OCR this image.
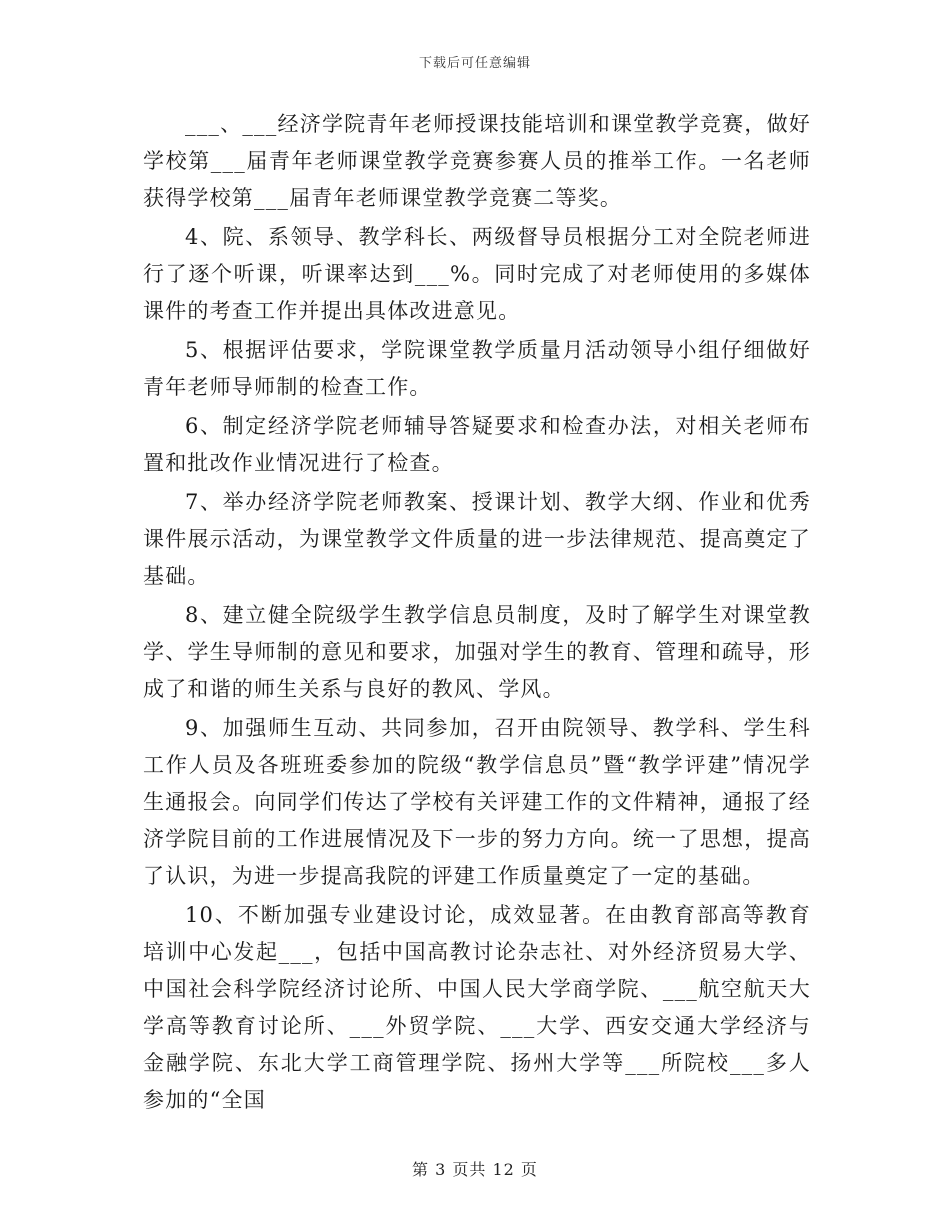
下载后可任意编辑

___、___经济学院青年老师授课技能培训和课堂教学竞赛，做好学校第___届青年老师课堂教学竞赛参赛人员的推举工作。一名老师获得学校第___届青年老师课堂教学竞赛二等奖。

4、院、系领导、教学科长、两级督导员根据分工对全院老师进行了逐个听课，听课率达到___%。同时完成了对老师使用的多媒体课件的考查工作并提出具体改进意见。

5、根据评估要求，学院课堂教学质量月活动领导小组仔细做好青年老师导师制的检查工作。

6、制定经济学院老师辅导答疑要求和检查办法，对相关老师布置和批改作业情况进行了检查。

7、举办经济学院老师教案、授课计划、教学大纲、作业和优秀课件展示活动，为课堂教学文件质量的进一步法律规范、提高奠定了基础。

8、建立健全院级学生教学信息员制度，及时了解学生对课堂教学、学生导师制的意见和要求，加强对学生的教育、管理和疏导，形成了和谐的师生关系与良好的教风、学风。

9、加强师生互动、共同参加，召开由院领导、教学科、学生科工作人员及各班班委参加的院级“教学信息员”暨“教学评建”情况学生通报会。向同学们传达了学校有关评建工作的文件精神，通报了经济学院目前的工作进展情况及下一步的努力方向。统一了思想，提高了认识，为进一步提高我院的评建工作质量奠定了一定的基础。

10、不断加强专业建设讨论，成效显著。在由教育部高等教育培训中心发起___，包括中国高教讨论杂志社、对外经济贸易大学、中国社会科学院经济讨论所、中国人民大学商学院、___航空航天大学高等教育讨论所、___外贸学院、___大学、西安交通大学经济与金融学院、东北大学工商管理学院、扬州大学等___所院校___多人参加的“全国

第 3 页共 12 页
